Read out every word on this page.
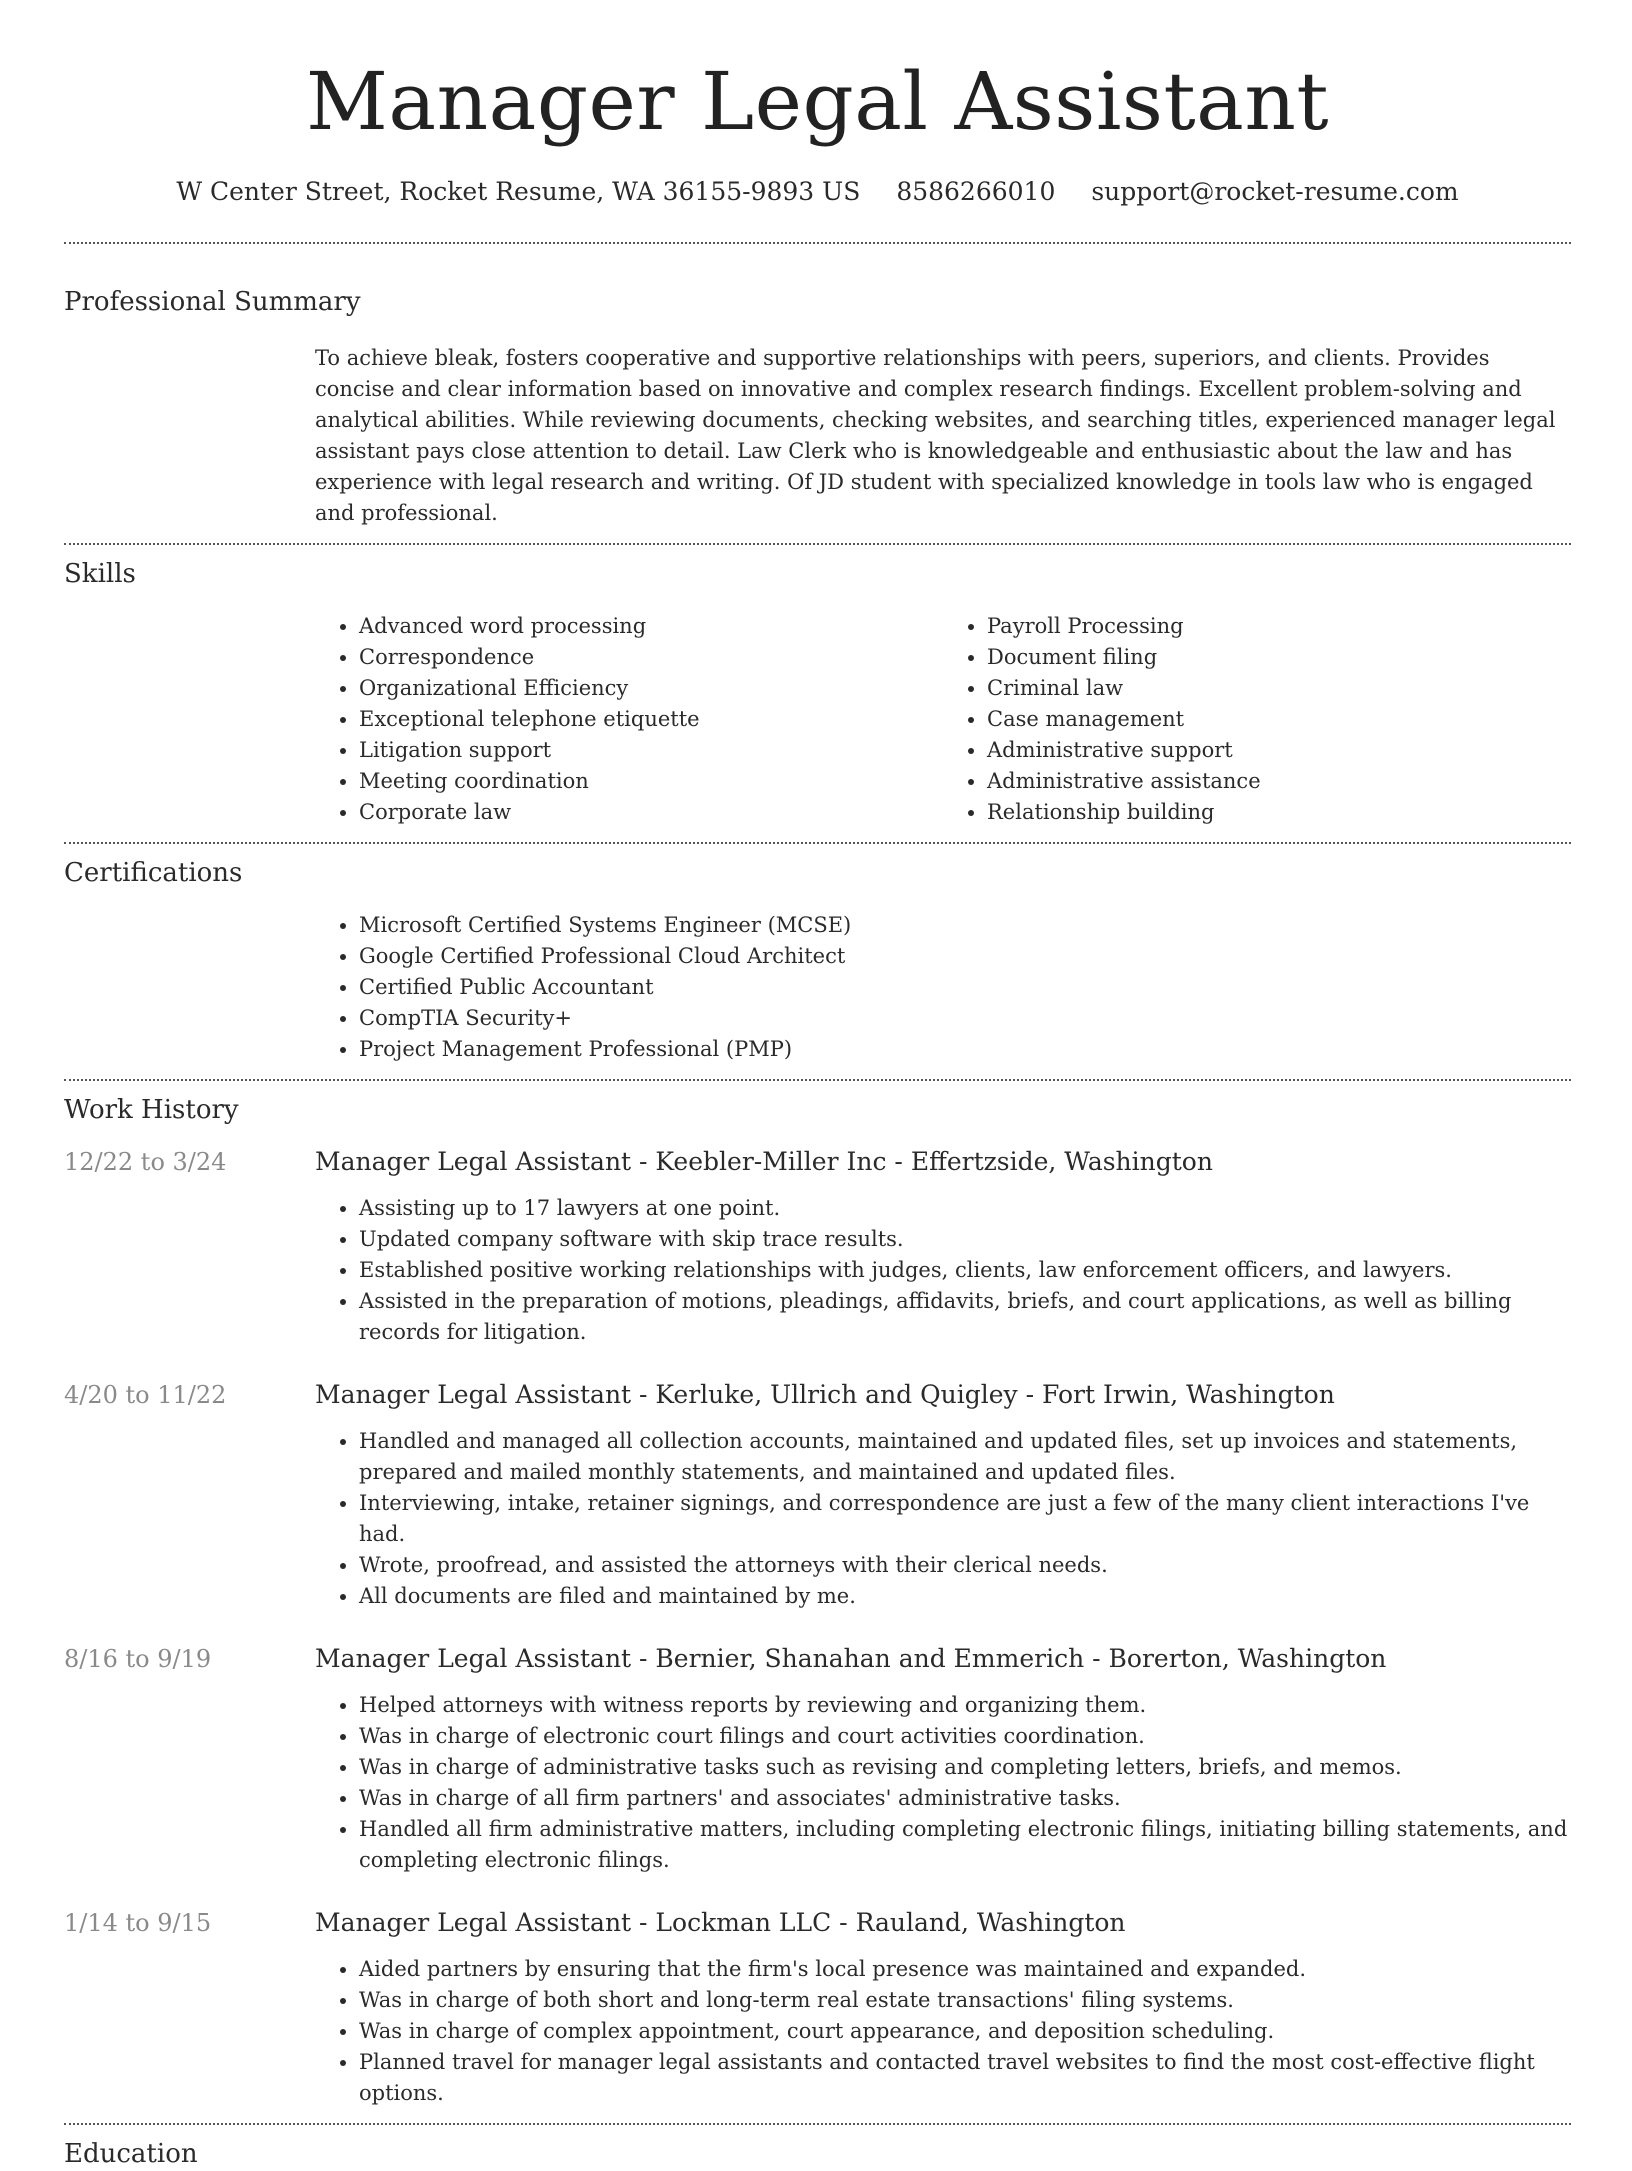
Manager Legal Assistant
W Center Street, Rocket Resume, WA 36155-9893 US 8586266010 support@rocket-resume.com
Professional Summary
To achieve bleak, fosters cooperative and supportive relationships with peers, superiors, and clients. Provides concise and clear information based on innovative and complex research findings. Excellent problem-solving and analytical abilities. While reviewing documents, checking websites, and searching titles, experienced manager legal assistant pays close attention to detail. Law Clerk who is knowledgeable and enthusiastic about the law and has experience with legal research and writing. Of JD student with specialized knowledge in tools law who is engaged and professional.
Skills
• Advanced word processing
• Correspondence
• Organizational Efficiency
• Exceptional telephone etiquette
• Litigation support
• Meeting coordination
• Corporate law
• Payroll Processing
• Document filing
• Criminal law
• Case management
• Administrative support
• Administrative assistance
• Relationship building
Certifications
• Microsoft Certified Systems Engineer (MCSE)
• Google Certified Professional Cloud Architect
• Certified Public Accountant
• CompTIA Security+
• Project Management Professional (PMP)
Work History
12/22 to 3/24	Manager Legal Assistant - Keebler-Miller Inc - Effertzside, Washington
• Assisting up to 17 lawyers at one point.
• Updated company software with skip trace results.
• Established positive working relationships with judges, clients, law enforcement officers, and lawyers.
• Assisted in the preparation of motions, pleadings, affidavits, briefs, and court applications, as well as billing records for litigation.
4/20 to 11/22	Manager Legal Assistant - Kerluke, Ullrich and Quigley - Fort Irwin, Washington
• Handled and managed all collection accounts, maintained and updated files, set up invoices and statements, prepared and mailed monthly statements, and maintained and updated files.
• Interviewing, intake, retainer signings, and correspondence are just a few of the many client interactions I've had.
• Wrote, proofread, and assisted the attorneys with their clerical needs.
• All documents are filed and maintained by me.
8/16 to 9/19	Manager Legal Assistant - Bernier, Shanahan and Emmerich - Borerton, Washington
• Helped attorneys with witness reports by reviewing and organizing them.
• Was in charge of electronic court filings and court activities coordination.
• Was in charge of administrative tasks such as revising and completing letters, briefs, and memos.
• Was in charge of all firm partners' and associates' administrative tasks.
• Handled all firm administrative matters, including completing electronic filings, initiating billing statements, and completing electronic filings.
1/14 to 9/15	Manager Legal Assistant - Lockman LLC - Rauland, Washington
• Aided partners by ensuring that the firm's local presence was maintained and expanded.
• Was in charge of both short and long-term real estate transactions' filing systems.
• Was in charge of complex appointment, court appearance, and deposition scheduling.
• Planned travel for manager legal assistants and contacted travel websites to find the most cost-effective flight options.
Education
